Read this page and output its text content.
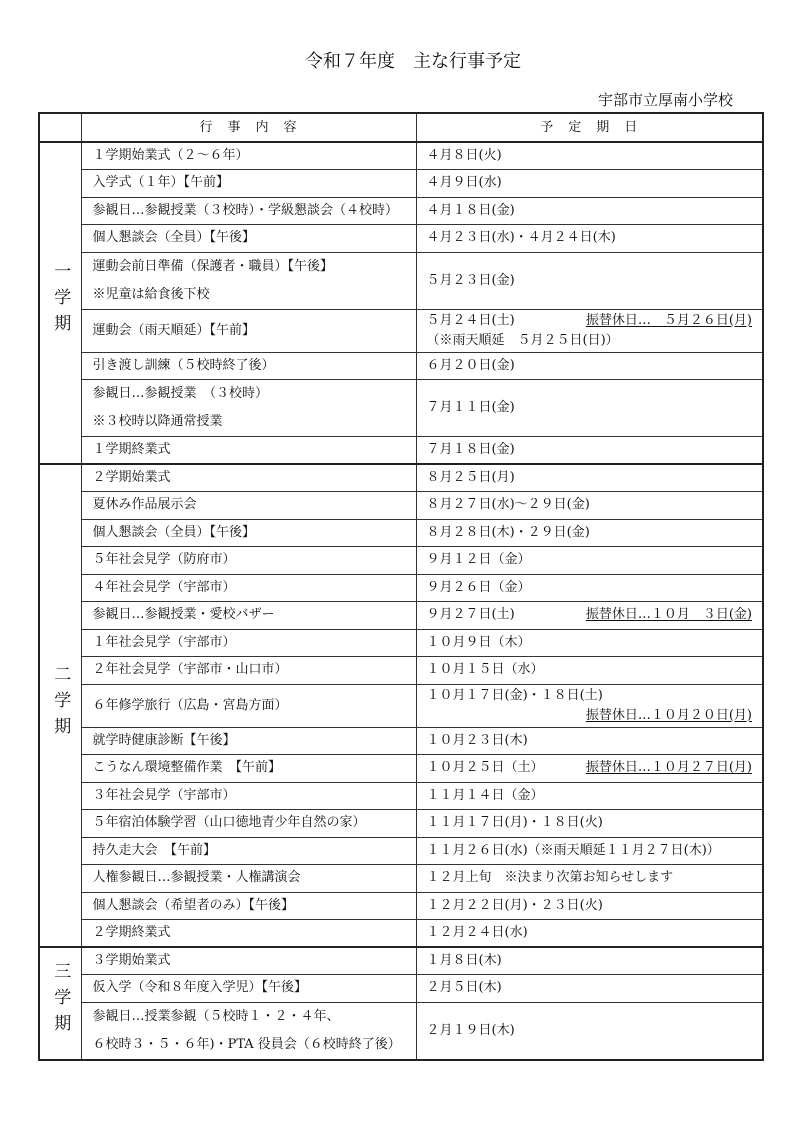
令和７年度　主な行事予定
宇部市立厚南小学校
	行　事　内　容	予　定　期　日
一学期	１学期始業式（２～６年）	４月８日(火)

	入学式（１年）【午前】	４月９日(水)

	参観日…参観授業（３校時）・学級懇談会（４校時）	４月１８日(金)

	個人懇談会（全員）【午後】	４月２３日(水)・４月２４日(木)

	運動会前日準備（保護者・職員）【午後】
※児童は給食後下校	５月２３日(金)

	運動会（雨天順延）【午前】	５月２４日(土) 振替休日…　５月２６日(月)
（※雨天順延　５月２５日(日)）

	引き渡し訓練（５校時終了後）	６月２０日(金)

	参観日…参観授業　（３校時）
※３校時以降通常授業	７月１１日(金)

	１学期終業式	７月１８日(金)

二学期	２学期始業式	８月２５日(月)

	夏休み作品展示会	８月２７日(水)～２９日(金)

	個人懇談会（全員）【午後】	８月２８日(木)・２９日(金)

	５年社会見学（防府市）	９月１２日（金）

	４年社会見学（宇部市）	９月２６日（金）

	参観日…参観授業・愛校バザー	９月２７日(土) 振替休日…１０月　３日(金)

	１年社会見学（宇部市）	１０月９日（木）

	２年社会見学（宇部市・山口市）	１０月１５日（水）

	６年修学旅行（広島・宮島方面）	１０月１７日(金)・１８日(土)
振替休日…１０月２０日(月)

	就学時健康診断【午後】	１０月２３日(木)

	こうなん環境整備作業　【午前】	１０月２５日（土） 振替休日…１０月２７日(月)

	３年社会見学（宇部市）	１１月１４日（金）

	５年宿泊体験学習（山口徳地青少年自然の家）	１１月１７日(月)・１８日(火)

	持久走大会　【午前】	１１月２６日(水)（※雨天順延１１月２７日(木)）

	人権参観日…参観授業・人権講演会	１２月上旬　※決まり次第お知らせします

	個人懇談会（希望者のみ）【午後】	１２月２２日(月)・２３日(火)

	２学期終業式	１２月２４日(水)

三学期	３学期始業式	１月８日(木)

	仮入学（令和８年度入学児）【午後】	２月５日(木)

	参観日…授業参観（５校時１・２・４年、
６校時３・５・６年)・PTA 役員会（６校時終了後）	２月１９日(木)
